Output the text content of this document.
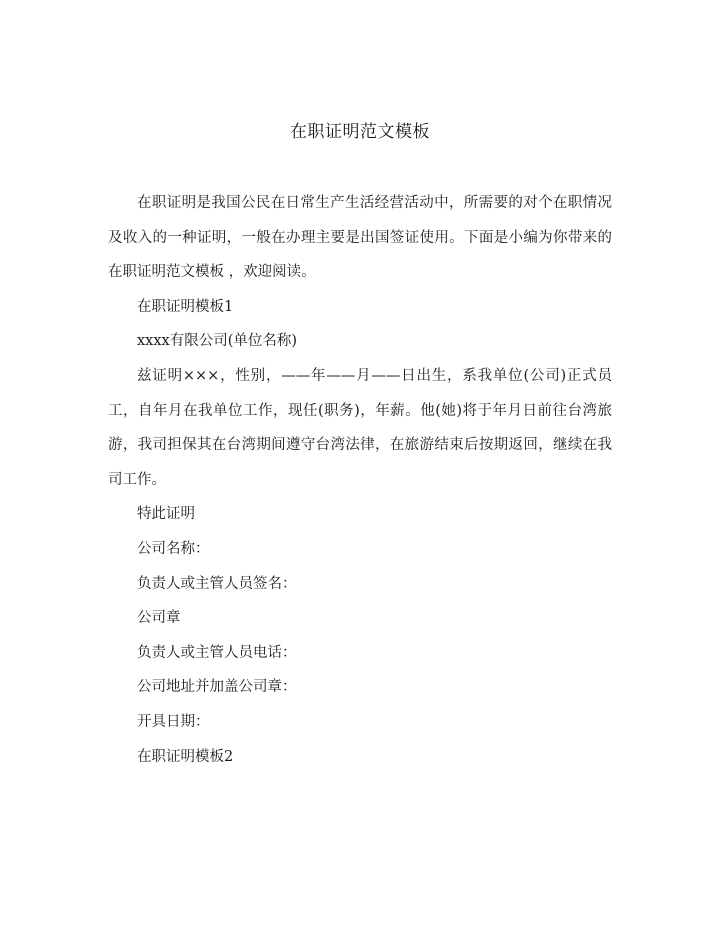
在职证明范文模板

在职证明是我国公民在日常生产生活经营活动中，所需要的对个在职情况及收入的一种证明，一般在办理主要是出国签证使用。下面是小编为你带来的在职证明范文模板 ，欢迎阅读。

在职证明模板1

xxxx有限公司(单位名称)

兹证明×××，性别，——年——月——日出生，系我单位(公司)正式员工，自年月在我单位工作，现任(职务)，年薪。他(她)将于年月日前往台湾旅游，我司担保其在台湾期间遵守台湾法律，在旅游结束后按期返回，继续在我司工作。

特此证明

公司名称：

负责人或主管人员签名：

公司章

负责人或主管人员电话：

公司地址并加盖公司章：

开具日期：

在职证明模板2
